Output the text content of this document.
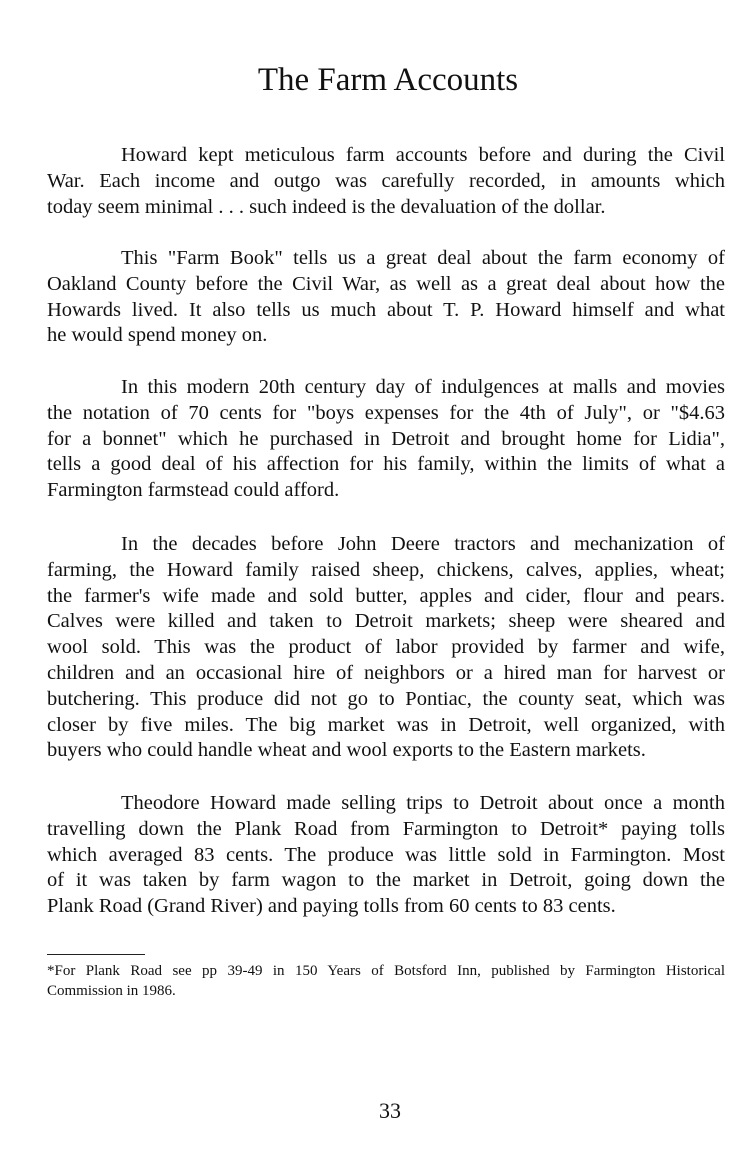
The Farm Accounts
Howard kept meticulous farm accounts before and during the Civil
War. Each income and outgo was carefully recorded, in amounts which
today seem minimal . . . such indeed is the devaluation of the dollar.
This "Farm Book" tells us a great deal about the farm economy of
Oakland County before the Civil War, as well as a great deal about how the
Howards lived. It also tells us much about T. P. Howard himself and what
he would spend money on.
In this modern 20th century day of indulgences at malls and movies
the notation of 70 cents for "boys expenses for the 4th of July", or "$4.63
for a bonnet" which he purchased in Detroit and brought home for Lidia",
tells a good deal of his affection for his family, within the limits of what a
Farmington farmstead could afford.
In the decades before John Deere tractors and mechanization of
farming, the Howard family raised sheep, chickens, calves, applies, wheat;
the farmer's wife made and sold butter, apples and cider, flour and pears.
Calves were killed and taken to Detroit markets; sheep were sheared and
wool sold. This was the product of labor provided by farmer and wife,
children and an occasional hire of neighbors or a hired man for harvest or
butchering. This produce did not go to Pontiac, the county seat, which was
closer by five miles. The big market was in Detroit, well organized, with
buyers who could handle wheat and wool exports to the Eastern markets.
Theodore Howard made selling trips to Detroit about once a month
travelling down the Plank Road from Farmington to Detroit* paying tolls
which averaged 83 cents. The produce was little sold in Farmington. Most
of it was taken by farm wagon to the market in Detroit, going down the
Plank Road (Grand River) and paying tolls from 60 cents to 83 cents.
*For Plank Road see pp 39-49 in 150 Years of Botsford Inn, published by Farmington Historical
Commission in 1986.
33
